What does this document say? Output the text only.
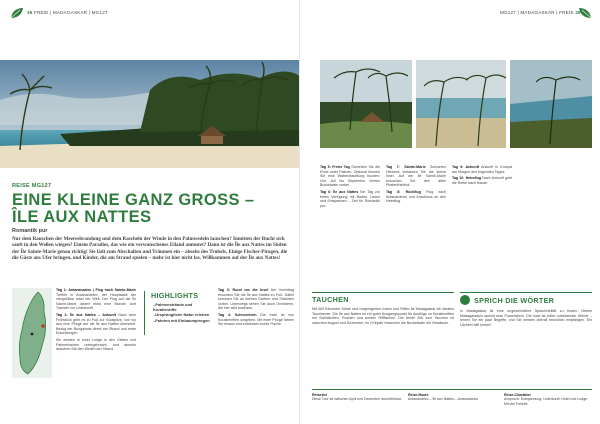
36 FREIE | MADAGASKAR | MG127
REISE MG127
EINE KLEINE GANZ GROSS –
ÎLE AUX NATTES
Romantik pur
Nur dem Rauschen der Meeresbrandung und dem Rascheln der Winde in den Palmwedeln lauschen? Inmitten der Bucht sich sanft in den Wellen wiegen? Einem Paradies, das wie ein verwunschenes Eiland anmutet? Dann ist die Île aux Nattes im Süden der Île Sainte-Marie genau richtig! Sie lädt zum Abschalten und Träumen ein – abseits des Trubels. Einige Fischer-Pirogen, die die Gäste ans Ufer bringen, und Kinder, die am Strand spielen – mehr ist hier nicht los. Willkommen auf der Île aux Nattes!

Tag 1: Antananarivo | Flug nach Sainte-Marie Treffen in Antananarivo, der Hauptstadt der viergrößten Insel der Welt. Der Flug auf die Île Sainte-Marie dauert etwa eine Stunde; dort Transfer zur Unterkunft.

Tag 2: Île aux Nattes – Ankunft Nach dem Frühstück geht es zu Fuß zur Südspitze, von wo aus eine Piroge auf die Île aux Nattes übersetzt. Bezug der Bungalows direkt am Strand und erste Erkundungen.

Sie werden in einer Lodge in den Gärten und Palmenhainen untergebracht, und abends lauschen Sie den Wellen am Strand.

HIGHLIGHTS
– Palmenstrände und Korallenriffe
– Ursprüngliche Natur erleben
– Fahrten mit Einbaumpirogen

Tag 3: Rund um die Insel Am Vormittag erkunden Sie die Île aux Nattes zu Fuß. Dabei kommen Sie an kleinen Dörfern und Stränden vorbei. Unterwegs sehen Sie auch Orchideen, die hier wild wachsen.

Tag 4: Schnorcheln Die Insel ist von Korallenriffen umgeben. Mit einer Piroge fahren Sie hinaus und entdecken bunte Fische.

MG127 | MADAGASKAR | FREIE 35

Tag 5: Freier Tag Genießen Sie die Ruhe unter Palmen. Optional können Sie eine Walbeobachtung buchen: Von Juli bis September ziehen Buckelwale vorbei.

Tag 6: Île aux Nattes Ein Tag zur freien Verfügung mit Baden, Lesen und Entspannen – Zeit für Romantik pur.

Tag 7: Sainte-Marie Schweren Herzens verlassen Sie die kleine Insel. Auf der Île Sainte-Marie besuchen Sie den alten Piratenfriedhof.

Tag 8: Rückflug Flug nach Antananarivo und Anschluss an den Heimflug.

Tag 9: Ankunft Ankunft in Europa am Morgen des folgenden Tages.

Tag 10: Heimflug Nach Ankunft geht die Reise nach Hause.

TAUCHEN
Mit 400 Kilometer Küste und vorgelagerten Inseln und Riffen ist Madagaskar ein ideales Tauchrevier. Die Île aux Nattes ist ein guter Ausgangspunkt für Ausflüge zu Korallenriffen mit Schildkröten, Rochen und bunten Rifffischen. Die beste Zeit zum Tauchen ist zwischen August und Dezember; im Frühjahr besuchen die Buckelwale die Gewässer.
SPRICH DIE WÖRTER
In Madagaskar ist eine ungewöhnliche Sprachvielfalt zu finden. Neben Madagassisch spricht man Französisch. Die Insel ist voller unbekannter Wörter – lernen Sie ein paar Begriffe, und Sie werden überall freundlich empfangen. Ein Lächeln hilft immer!
Reiseziel
Diese Tour ist zwischen April und Dezember durchführbar.
Reise-Route
Antananarivo – Île aux Nattes – Antananarivo
Reise-Charakter
Anspruch: Entspannung. Unterkunft: Hotel und Lodge. Mit viel Freizeit.
